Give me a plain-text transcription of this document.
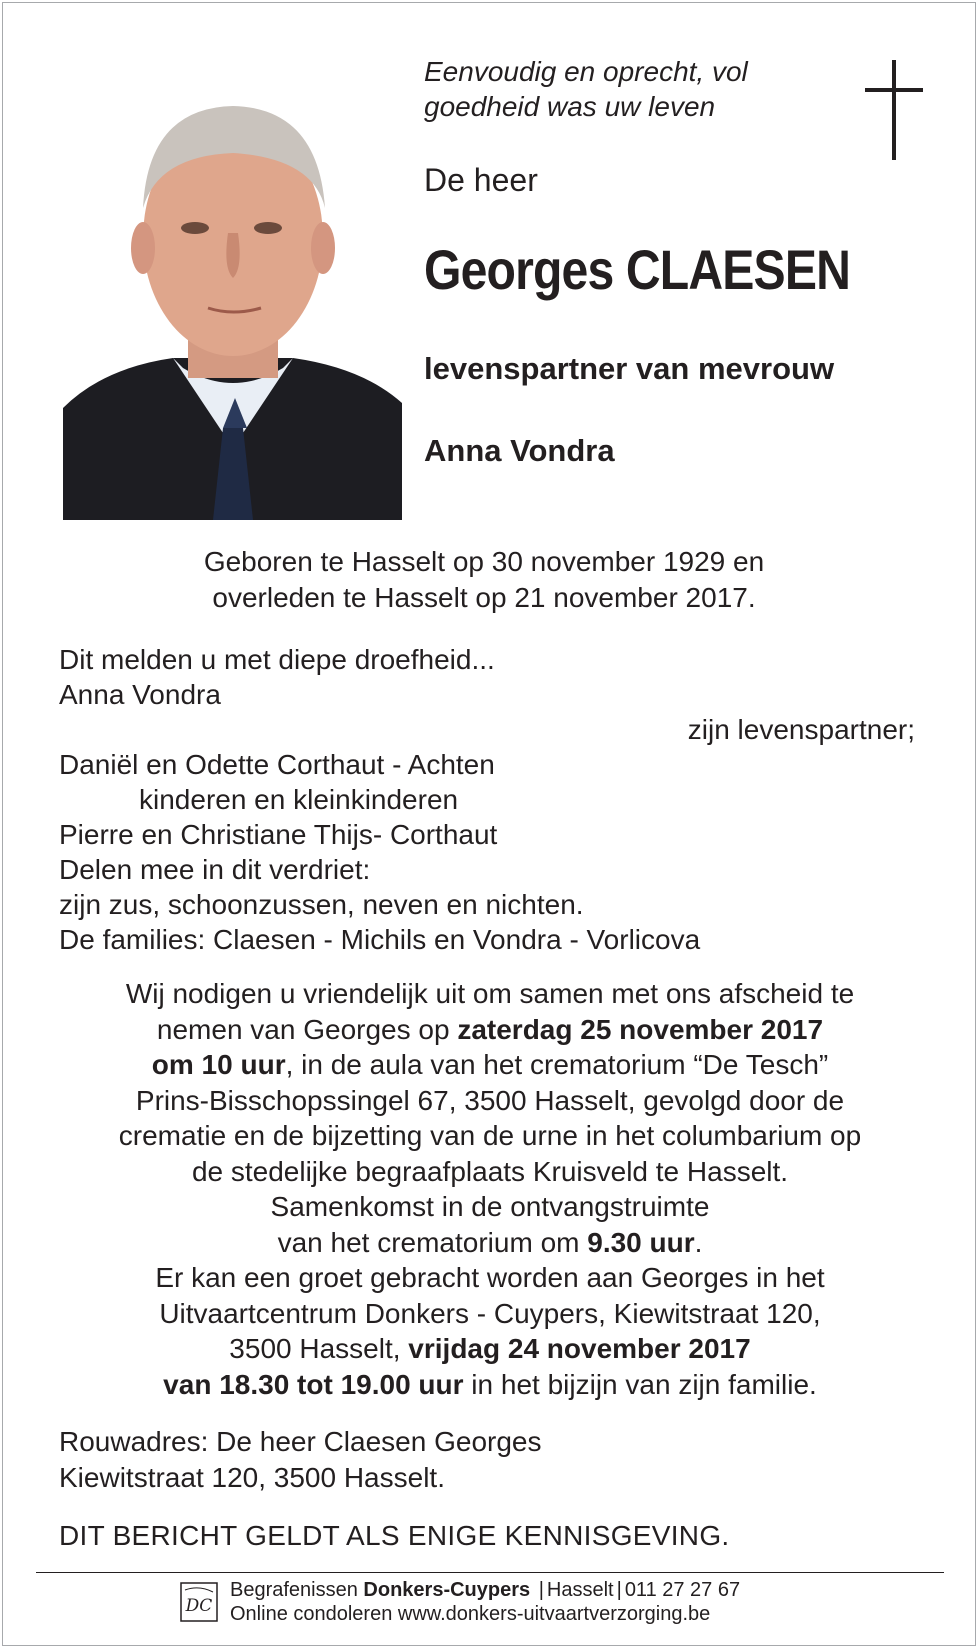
Eenvoudig en oprecht, vol
goedheid was uw leven
De heer
Georges CLAESEN
levenspartner van mevrouw
Anna Vondra
Geboren te Hasselt op 30 november 1929 en
overleden te Hasselt op 21 november 2017.
Dit melden u met diepe droefheid...
Anna Vondra
zijn levenspartner;
Daniël en Odette Corthaut - Achten
kinderen en kleinkinderen
Pierre en Christiane Thijs- Corthaut
Delen mee in dit verdriet:
zijn zus, schoonzussen, neven en nichten.
De families: Claesen - Michils en Vondra - Vorlicova
Wij nodigen u vriendelijk uit om samen met ons afscheid te
nemen van Georges op zaterdag 25 november 2017
om 10 uur, in de aula van het crematorium “De Tesch”
Prins-Bisschopssingel 67, 3500 Hasselt, gevolgd door de
crematie en de bijzetting van de urne in het columbarium op
de stedelijke begraafplaats Kruisveld te Hasselt.
Samenkomst in de ontvangstruimte
van het crematorium om 9.30 uur.
Er kan een groet gebracht worden aan Georges in het
Uitvaartcentrum Donkers - Cuypers, Kiewitstraat 120,
3500 Hasselt, vrijdag 24 november 2017
van 18.30 tot 19.00 uur in het bijzijn van zijn familie.
Rouwadres: De heer Claesen Georges
Kiewitstraat 120, 3500 Hasselt.
DIT BERICHT GELDT ALS ENIGE KENNISGEVING.
DC
Begrafenissen Donkers-Cuypers | Hasselt | 011 27 27 67
Online condoleren www.donkers-uitvaartverzorging.be
